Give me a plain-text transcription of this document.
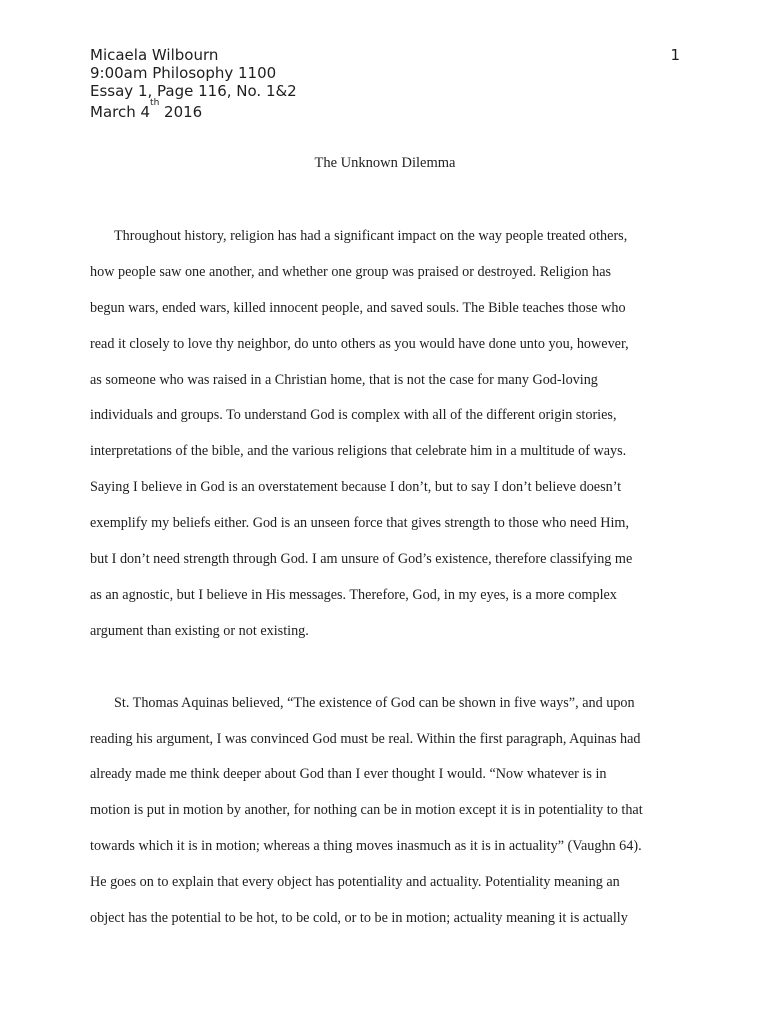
1
Micaela Wilbourn
9:00am Philosophy 1100
Essay 1, Page 116, No. 1&2
March 4th 2016
The Unknown Dilemma
Throughout history, religion has had a significant impact on the way people treated others,
how people saw one another, and whether one group was praised or destroyed. Religion has
begun wars, ended wars, killed innocent people, and saved souls. The Bible teaches those who
read it closely to love thy neighbor, do unto others as you would have done unto you, however,
as someone who was raised in a Christian home, that is not the case for many God-loving
individuals and groups. To understand God is complex with all of the different origin stories,
interpretations of the bible, and the various religions that celebrate him in a multitude of ways.
Saying I believe in God is an overstatement because I don’t, but to say I don’t believe doesn’t
exemplify my beliefs either. God is an unseen force that gives strength to those who need Him,
but I don’t need strength through God. I am unsure of God’s existence, therefore classifying me
as an agnostic, but I believe in His messages. Therefore, God, in my eyes, is a more complex
argument than existing or not existing.
St. Thomas Aquinas believed, “The existence of God can be shown in five ways”, and upon
reading his argument, I was convinced God must be real. Within the first paragraph, Aquinas had
already made me think deeper about God than I ever thought I would. “Now whatever is in
motion is put in motion by another, for nothing can be in motion except it is in potentiality to that
towards which it is in motion; whereas a thing moves inasmuch as it is in actuality” (Vaughn 64).
He goes on to explain that every object has potentiality and actuality. Potentiality meaning an
object has the potential to be hot, to be cold, or to be in motion; actuality meaning it is actually
